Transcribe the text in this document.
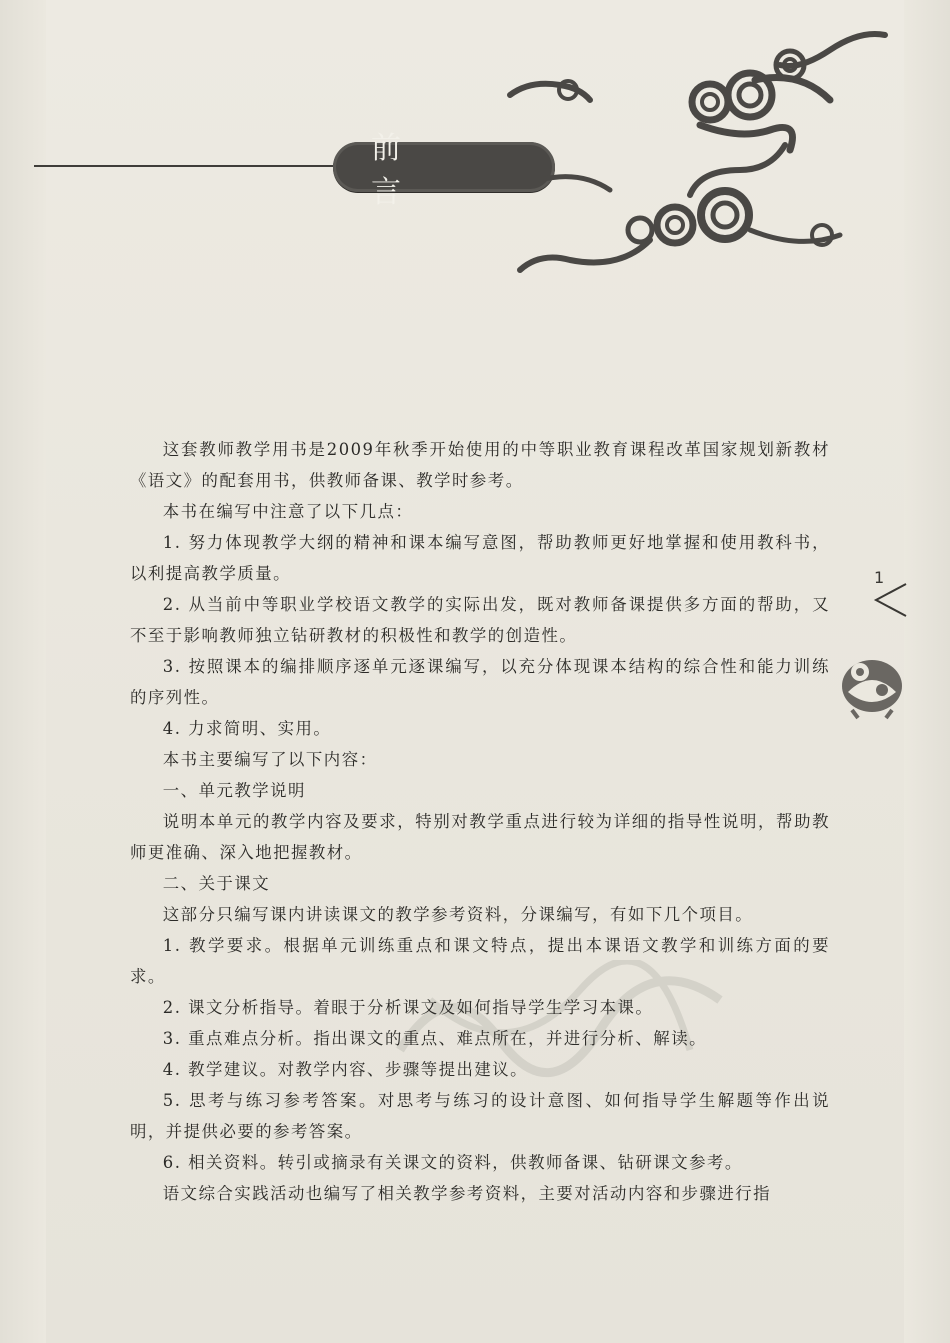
前　言
1

这套教师教学用书是2009年秋季开始使用的中等职业教育课程改革国家规划新教材《语文》的配套用书，供教师备课、教学时参考。

本书在编写中注意了以下几点：

1. 努力体现教学大纲的精神和课本编写意图，帮助教师更好地掌握和使用教科书，以利提高教学质量。

2. 从当前中等职业学校语文教学的实际出发，既对教师备课提供多方面的帮助，又不至于影响教师独立钻研教材的积极性和教学的创造性。

3. 按照课本的编排顺序逐单元逐课编写，以充分体现课本结构的综合性和能力训练的序列性。

4. 力求简明、实用。

本书主要编写了以下内容：

一、单元教学说明

说明本单元的教学内容及要求，特别对教学重点进行较为详细的指导性说明，帮助教师更准确、深入地把握教材。

二、关于课文

这部分只编写课内讲读课文的教学参考资料，分课编写，有如下几个项目。

1. 教学要求。根据单元训练重点和课文特点，提出本课语文教学和训练方面的要求。

2. 课文分析指导。着眼于分析课文及如何指导学生学习本课。

3. 重点难点分析。指出课文的重点、难点所在，并进行分析、解读。

4. 教学建议。对教学内容、步骤等提出建议。

5. 思考与练习参考答案。对思考与练习的设计意图、如何指导学生解题等作出说明，并提供必要的参考答案。

6. 相关资料。转引或摘录有关课文的资料，供教师备课、钻研课文参考。

语文综合实践活动也编写了相关教学参考资料，主要对活动内容和步骤进行指
